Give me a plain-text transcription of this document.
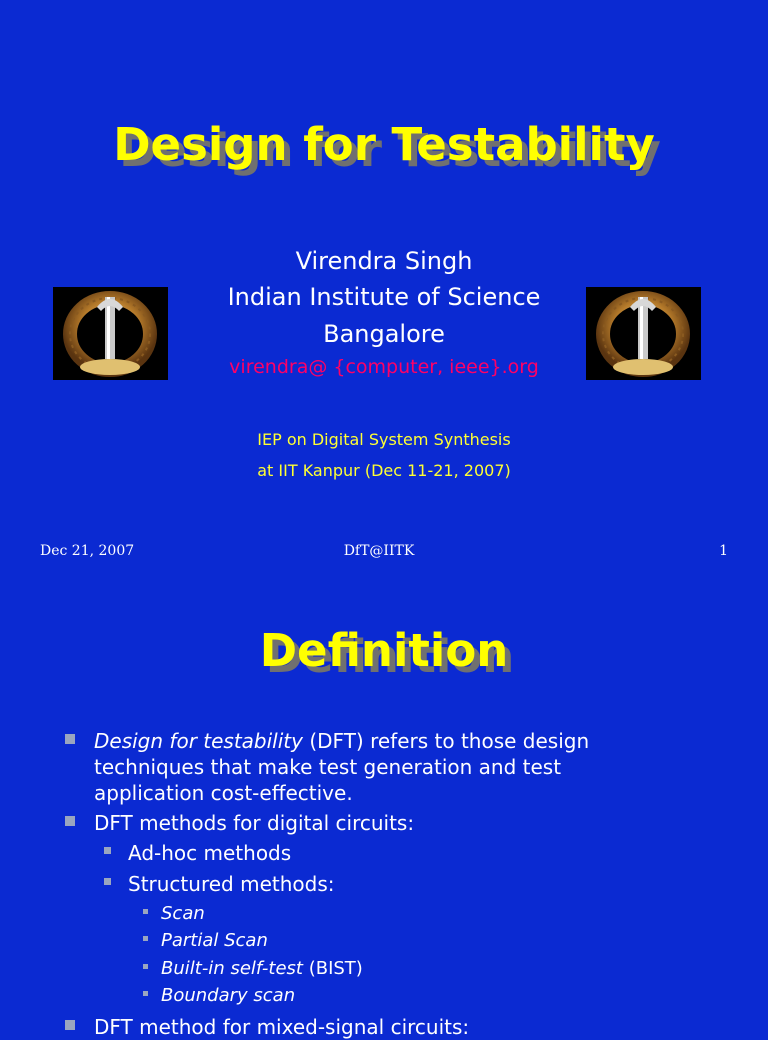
Design for Testability
Virendra Singh
Indian Institute of Science
Bangalore
virendra@ {computer, ieee}.org
IEP on Digital System Synthesis
at IIT Kanpur (Dec 11-21, 2007)
Dec 21, 2007	DfT@IITK	1
Definition
Design for testability (DFT) refers to those design
techniques that make test generation and test
application cost-effective.
DFT methods for digital circuits:
Ad-hoc methods
Structured methods:
Scan
Partial Scan
Built-in self-test (BIST)
Boundary scan
DFT method for mixed-signal circuits:
